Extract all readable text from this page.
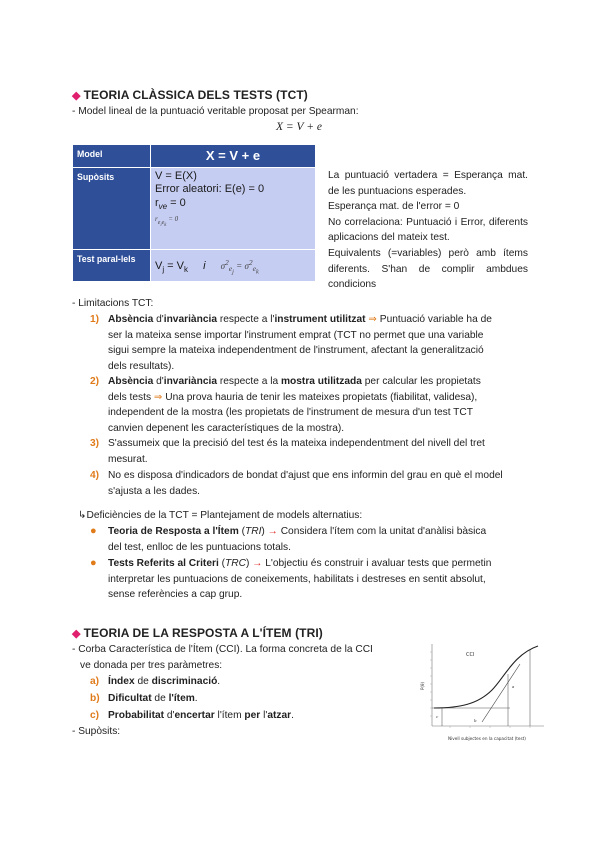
◆ TEORIA CLÀSSICA DELS TESTS (TCT)
- Model lineal de la puntuació veritable proposat per Spearman:
X = V + e
Model	X = V + e
Supòsits	V = E(X)
Error aleatori: E(e) = 0
$r_{ve} = 0$
$r_{e_ie_k} = 0$

Test paral-lels	$V_j = V_k$ i $\sigma^2_{e_j} = \sigma^2_{e_k}$

La puntuació vertadera = Esperança mat. de les puntuacions esperades.

Esperança mat. de l'error = 0

No correlaciona: Puntuació i Error, diferents aplicacions del mateix test.

Equivalents (=variables) però amb ítems diferents. S'han de complir ambdues condicions

- Limitacions TCT:
1) Absència d'invariància respecte a l'instrument utilitzat ⇒ Puntuació variable ha de
ser la mateixa sense importar l'instrument emprat (TCT no permet que una variable
sigui sempre la mateixa independentment de l'instrument, afectant la generalització
dels resultats).
2) Absència d'invariància respecte a la mostra utilitzada per calcular les propietats
dels tests ⇒ Una prova hauria de tenir les mateixes propietats (fiabilitat, validesa),
independent de la mostra (les propietats de l'instrument de mesura d'un test TCT
canvien depenent les característiques de la mostra).
3) S'assumeix que la precisió del test és la mateixa independentment del nivell del tret
mesurat.
4) No es disposa d'indicadors de bondat d'ajust que ens informin del grau en què el model
s'ajusta a les dades.
↳Deficiències de la TCT = Plantejament de models alternatius:
● Teoria de Resposta a l'Ítem (TRI) → Considera l'ítem com la unitat d'anàlisi bàsica
del test, enlloc de les puntuacions totals.
● Tests Referits al Criteri (TRC) → L'objectiu és construir i avaluar tests que permetin
interpretar les puntuacions de coneixements, habilitats i destreses en sentit absolut,
sense referències a cap grup.
◆ TEORIA DE LA RESPOSTA A L'ÍTEM (TRI)
- Corba Característica de l'Ítem (CCI). La forma concreta de la CCI
ve donada per tres paràmetres:
a) Índex de discriminació.
b) Dificultat de l'ítem.
c) Probabilitat d'encertar l'ítem per l'atzar.
- Supòsits:
CCI
P(θ)
c
b
a
Nivell subjectes en la capacitat (test)
